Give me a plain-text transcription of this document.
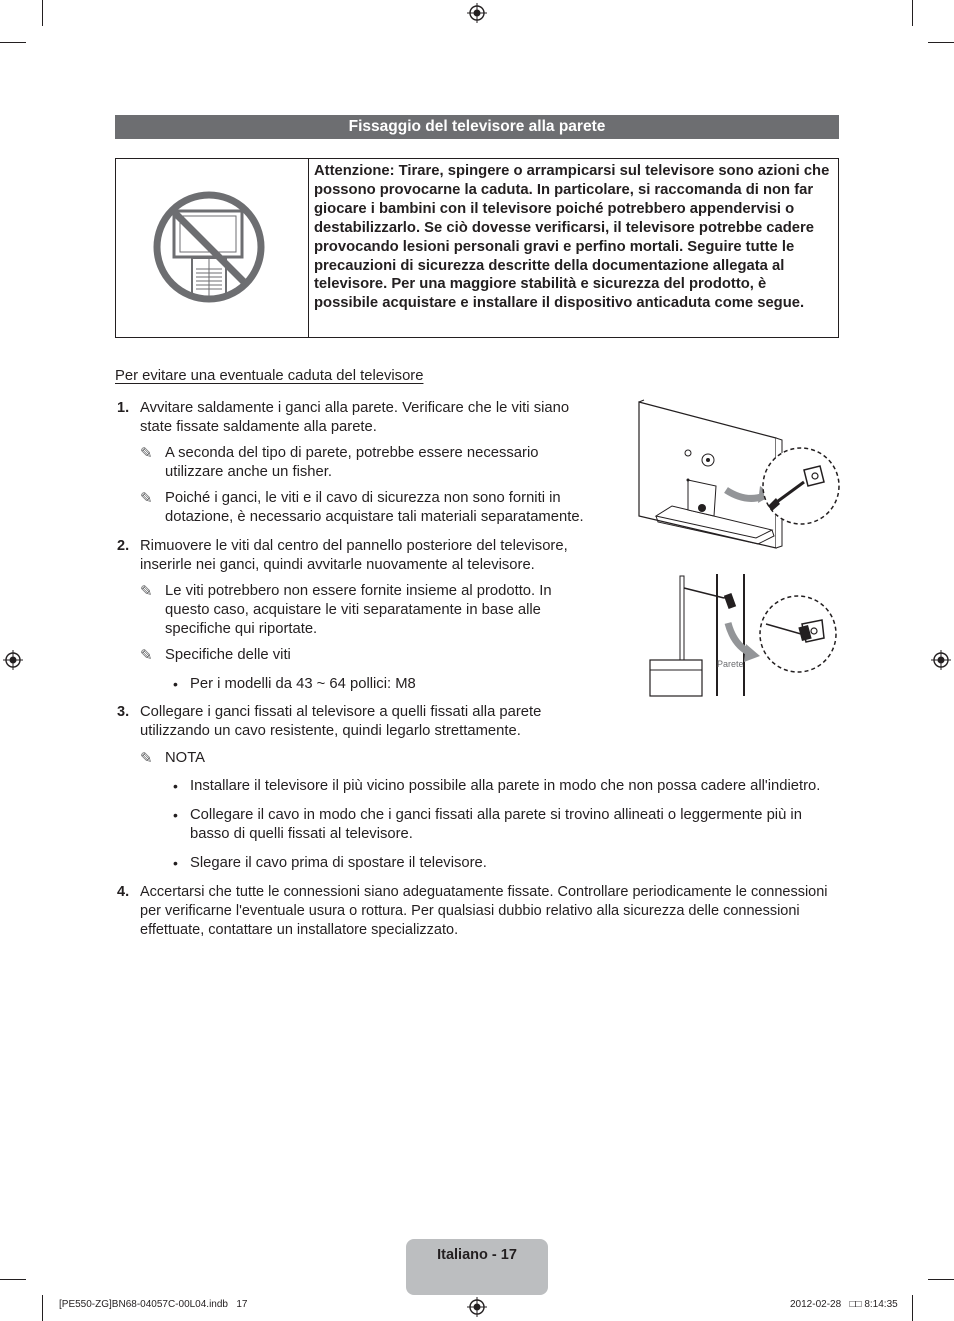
Fissaggio del televisore alla parete
Attenzione: Tirare, spingere o arrampicarsi sul televisore sono azioni che possono provocarne la caduta. In particolare, si raccomanda di non far giocare i bambini con il televisore poiché potrebbero appendervisi o destabilizzarlo. Se ciò dovesse verificarsi, il televisore potrebbe cadere provocando lesioni personali gravi e perfino mortali. Seguire tutte le precauzioni di sicurezza descritte della documentazione allegata al televisore. Per una maggiore stabilità e sicurezza del prodotto, è possibile acquistare e installare il dispositivo anticaduta come segue.
Per evitare una eventuale caduta del televisore
1. Avvitare saldamente i ganci alla parete. Verificare che le viti siano state fissate saldamente alla parete.
✎ A seconda del tipo di parete, potrebbe essere necessario utilizzare anche un fisher.
✎ Poiché i ganci, le viti e il cavo di sicurezza non sono forniti in dotazione, è necessario acquistare tali materiali separatamente.
2. Rimuovere le viti dal centro del pannello posteriore del televisore, inserirle nei ganci, quindi avvitarle nuovamente al televisore.
✎ Le viti potrebbero non essere fornite insieme al prodotto. In questo caso, acquistare le viti separatamente in base alle specifiche qui riportate.
✎ Specifiche delle viti
• Per i modelli da 43 ~ 64 pollici: M8
Parete
3. Collegare i ganci fissati al televisore a quelli fissati alla parete utilizzando un cavo resistente, quindi legarlo strettamente.
✎ NOTA
• Installare il televisore il più vicino possibile alla parete in modo che non possa cadere all'indietro.
• Collegare il cavo in modo che i ganci fissati alla parete si trovino allineati o leggermente più in basso di quelli fissati al televisore.
• Slegare il cavo prima di spostare il televisore.
4. Accertarsi che tutte le connessioni siano adeguatamente fissate. Controllare periodicamente le connessioni per verificarne l'eventuale usura o rottura. Per qualsiasi dubbio relativo alla sicurezza delle connessioni effettuate, contattare un installatore specializzato.
Italiano - 17
[PE550-ZG]BN68-04057C-00L04.indb   17	2012-02-28   □□ 8:14:35
